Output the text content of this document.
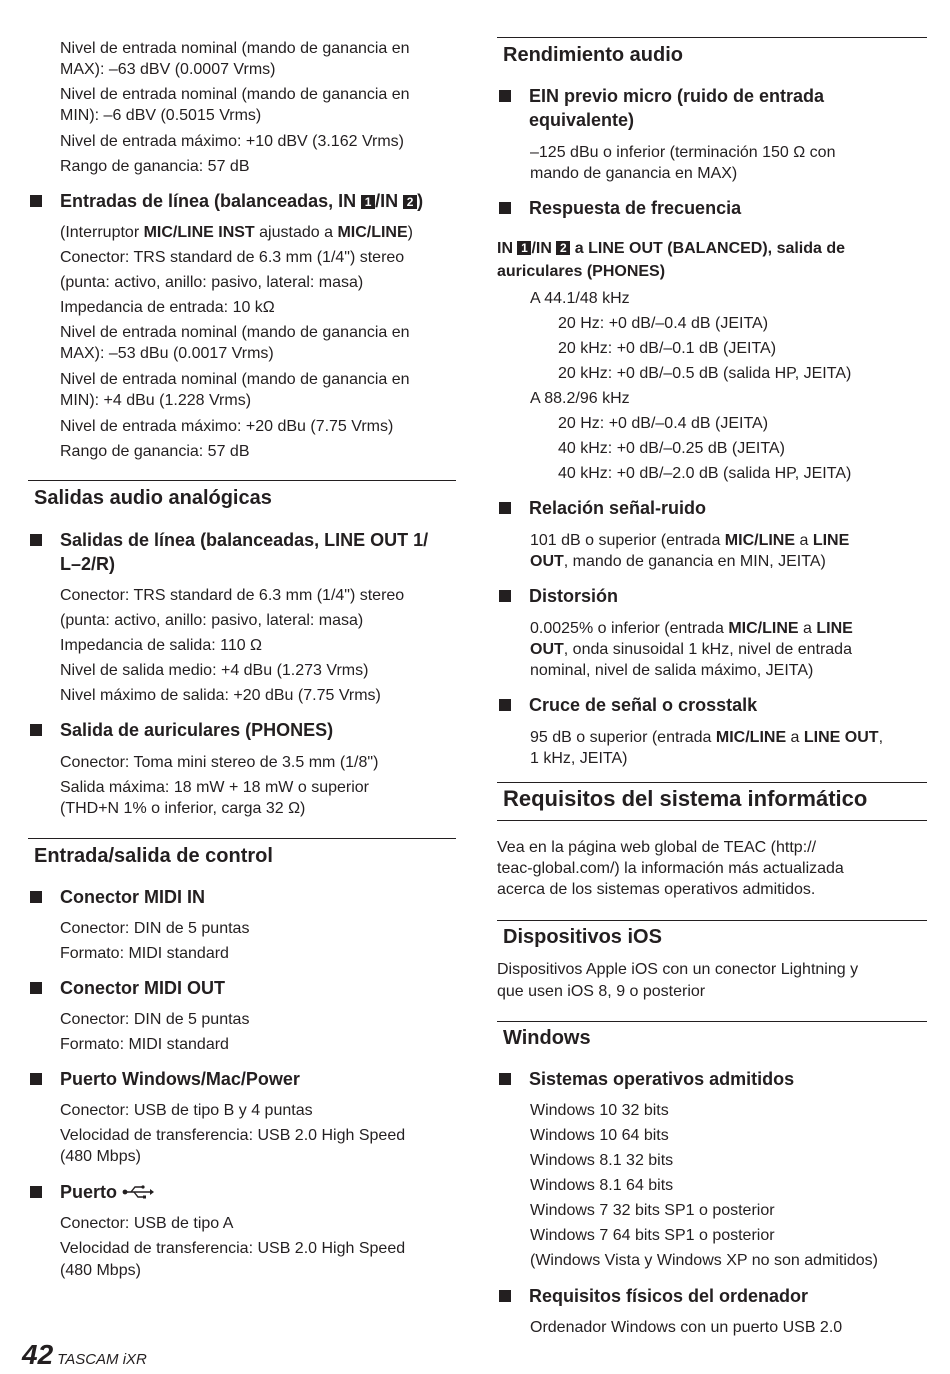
Nivel de entrada nominal (mando de ganancia en
MAX): –63 dBV (0.0007 Vrms)
Nivel de entrada nominal (mando de ganancia en
MIN): –6 dBV (0.5015 Vrms)
Nivel de entrada máximo: +10 dBV (3.162 Vrms)
Rango de ganancia: 57 dB
Entradas de línea (balanceadas, IN 1 /IN 2 )
(Interruptor MIC/LINE INST ajustado a MIC/LINE)
Conector: TRS standard de 6.3 mm (1/4") stereo
(punta: activo, anillo: pasivo, lateral: masa)
Impedancia de entrada: 10 kΩ
Nivel de entrada nominal (mando de ganancia en
MAX): –53 dBu (0.0017 Vrms)
Nivel de entrada nominal (mando de ganancia en
MIN): +4 dBu (1.228 Vrms)
Nivel de entrada máximo: +20 dBu (7.75 Vrms)
Rango de ganancia: 57 dB
Salidas audio analógicas
Salidas de línea (balanceadas, LINE OUT 1/
L–2/R)
Conector: TRS standard de 6.3 mm (1/4") stereo
(punta: activo, anillo: pasivo, lateral: masa)
Impedancia de salida: 110 Ω
Nivel de salida medio: +4 dBu (1.273 Vrms)
Nivel máximo de salida: +20 dBu (7.75 Vrms)
Salida de auriculares (PHONES)
Conector: Toma mini stereo de 3.5 mm (1/8")
Salida máxima: 18 mW + 18 mW o superior
(THD+N 1% o inferior, carga 32 Ω)
Entrada/salida de control
Conector MIDI IN
Conector: DIN de 5 puntas
Formato: MIDI standard
Conector MIDI OUT
Conector: DIN de 5 puntas
Formato: MIDI standard
Puerto Windows/Mac/Power
Conector: USB de tipo B y 4 puntas
Velocidad de transferencia: USB 2.0 High Speed
(480 Mbps)
Puerto
Conector: USB de tipo A
Velocidad de transferencia: USB 2.0 High Speed
(480 Mbps)
Rendimiento audio
EIN previo micro (ruido de entrada
equivalente)
–125 dBu o inferior (terminación 150 Ω con
mando de ganancia en MAX)
Respuesta de frecuencia
IN 1 /IN 2 a LINE OUT (BALANCED), salida de
auriculares (PHONES)
A 44.1/48 kHz
20 Hz: +0 dB/–0.4 dB (JEITA)
20 kHz: +0 dB/–0.1 dB (JEITA)
20 kHz: +0 dB/–0.5 dB (salida HP, JEITA)
A 88.2/96 kHz
20 Hz: +0 dB/–0.4 dB (JEITA)
40 kHz: +0 dB/–0.25 dB (JEITA)
40 kHz: +0 dB/–2.0 dB (salida HP, JEITA)
Relación señal-ruido
101 dB o superior (entrada MIC/LINE a LINE
OUT, mando de ganancia en MIN, JEITA)
Distorsión
0.0025% o inferior (entrada MIC/LINE a LINE
OUT, onda sinusoidal 1 kHz, nivel de entrada
nominal, nivel de salida máximo, JEITA)
Cruce de señal o crosstalk
95 dB o superior (entrada MIC/LINE a LINE OUT,
1 kHz, JEITA)
Requisitos del sistema informático
Vea en la página web global de TEAC (http://
teac-global.com/) la información más actualizada
acerca de los sistemas operativos admitidos.
Dispositivos iOS
Dispositivos Apple iOS con un conector Lightning y
que usen iOS 8, 9 o posterior
Windows
Sistemas operativos admitidos
Windows 10 32 bits
Windows 10 64 bits
Windows 8.1 32 bits
Windows 8.1 64 bits
Windows 7 32 bits SP1 o posterior
Windows 7 64 bits SP1 o posterior
(Windows Vista y Windows XP no son admitidos)
Requisitos físicos del ordenador
Ordenador Windows con un puerto USB 2.0
42 TASCAM iXR
